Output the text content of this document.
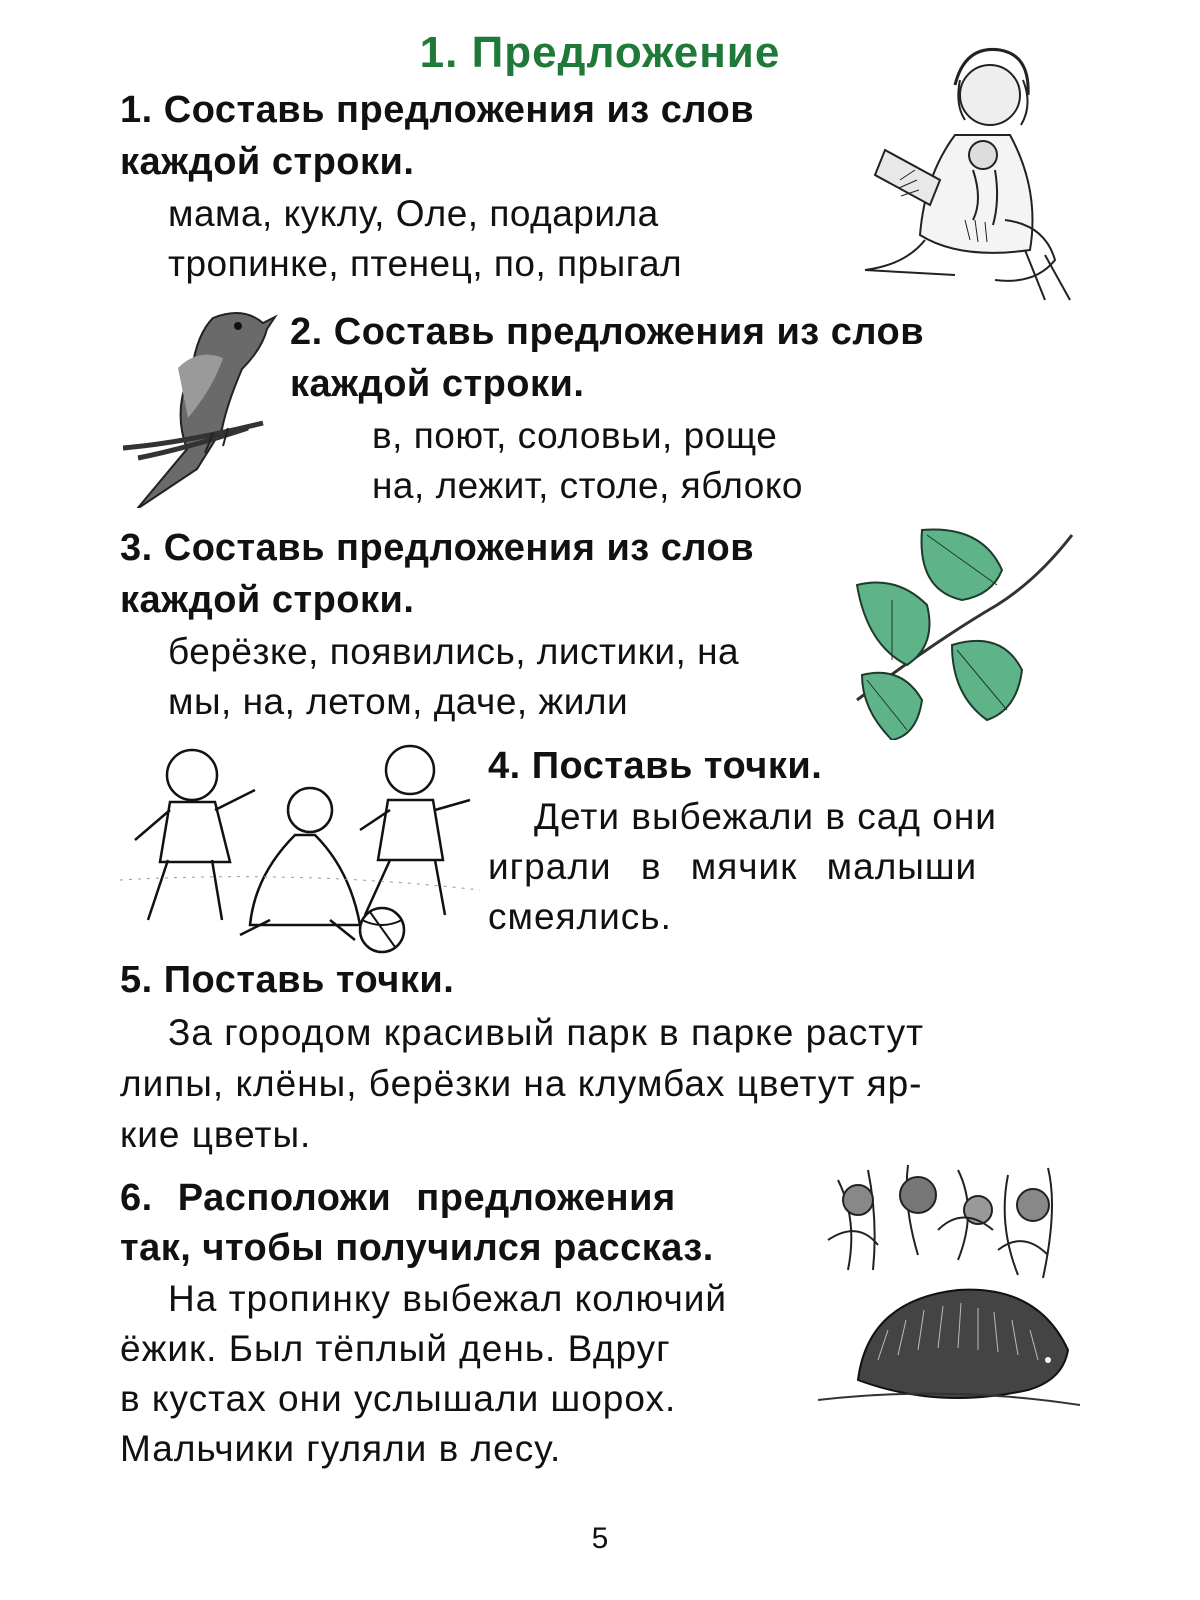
1. Предложение
1. Составь предложения из слов
каждой строки.
мама, куклу, Оле, подарила
тропинке, птенец, по, прыгал
2. Составь предложения из слов
каждой строки.
в, поют, соловьи, роще
на, лежит, столе, яблоко
3. Составь предложения из слов
каждой строки.
берёзке, появились, листики, на
мы, на, летом, даче, жили
4. Поставь точки.
Дети выбежали в сад они
играли в мячик малыши
смеялись.
5. Поставь точки.
За городом красивый парк в парке растут
липы, клёны, берёзки на клумбах цветут яр-
кие цветы.
6. Расположи предложения
так, чтобы получился рассказ.
На тропинку выбежал колючий
ёжик. Был тёплый день. Вдруг
в кустах они услышали шорох.
Мальчики гуляли в лесу.
5
